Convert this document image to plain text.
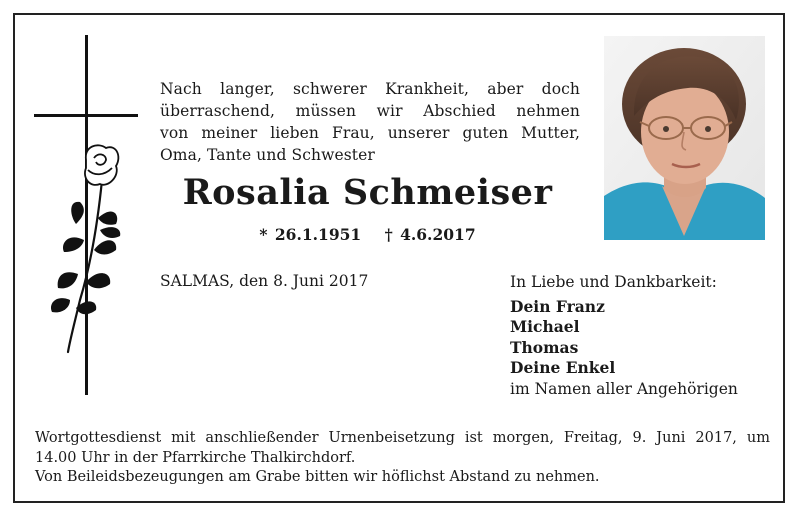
Nach langer, schwerer Krankheit, aber doch
überraschend, müssen wir Abschied nehmen
von meiner lieben Frau, unserer guten Mutter,
Oma, Tante und Schwester
Rosalia Schmeiser
* 26.1.1951 † 4.6.2017
SALMAS, den 8. Juni 2017	In Liebe und Dankbarkeit:
Dein Franz
Michael
Thomas
Deine Enkel
im Namen aller Angehörigen
Wortgottesdienst mit anschließender Urnenbeisetzung ist morgen, Freitag, 9. Juni 2017, um
14.00 Uhr in der Pfarrkirche Thalkirchdorf.
Von Beileidsbezeugungen am Grabe bitten wir höflichst Abstand zu nehmen.
